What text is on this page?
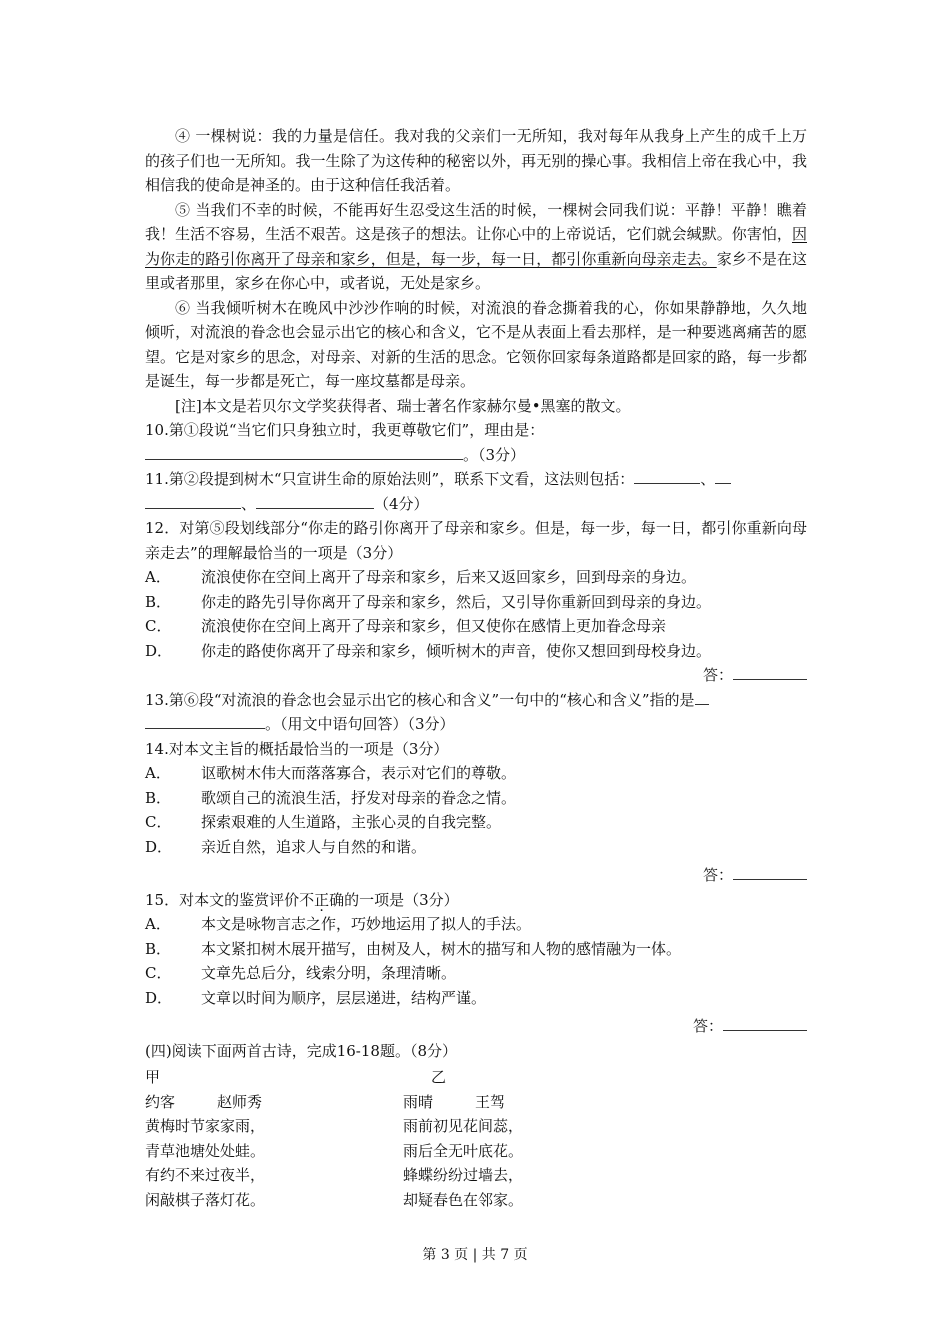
④ 一棵树说：我的力量是信任。我对我的父亲们一无所知，我对每年从我身上产生的成千上万的孩子们也一无所知。我一生除了为这传种的秘密以外，再无别的操心事。我相信上帝在我心中，我相信我的使命是神圣的。由于这种信任我活着。

⑤ 当我们不幸的时候，不能再好生忍受这生活的时候，一棵树会同我们说：平静！平静！瞧着我！生活不容易，生活不艰苦。这是孩子的想法。让你心中的上帝说话，它们就会缄默。你害怕，因为你走的路引你离开了母亲和家乡，但是，每一步，每一日，都引你重新向母亲走去。家乡不是在这里或者那里，家乡在你心中，或者说，无处是家乡。

⑥ 当我倾听树木在晚风中沙沙作响的时候，对流浪的眷念撕着我的心，你如果静静地，久久地倾听，对流浪的眷念也会显示出它的核心和含义，它不是从表面上看去那样，是一种要逃离痛苦的愿望。它是对家乡的思念，对母亲、对新的生活的思念。它领你回家每条道路都是回家的路，每一步都是诞生，每一步都是死亡，每一座坟墓都是母亲。

[注]本文是若贝尔文学奖获得者、瑞士著名作家赫尔曼•黑塞的散文。

10.第①段说“当它们只身独立时，我更尊敬它们”，理由是：

。（3分）

11.第②段提到树木“只宣讲生命的原始法则”，联系下文看，这法则包括：	、

、	（4分）

12．对第⑤段划线部分“你走的路引你离开了母亲和家乡。但是，每一步，每一日，都引你重新向母亲走去”的理解最恰当的一项是（3分）

A．	流浪使你在空间上离开了母亲和家乡，后来又返回家乡，回到母亲的身边。

B．	你走的路先引导你离开了母亲和家乡，然后，又引导你重新回到母亲的身边。

C．	流浪使你在空间上离开了母亲和家乡，但又使你在感情上更加眷念母亲

D．	你走的路使你离开了母亲和家乡，倾听树木的声音，使你又想回到母校身边。

答：

13.第⑥段“对流浪的眷念也会显示出它的核心和含义”一句中的“核心和含义”指的是

。（用文中语句回答）（3分）

14.对本文主旨的概括最恰当的一项是（3分）

A．	讴歌树木伟大而落落寡合，表示对它们的尊敬。

B．	歌颂自己的流浪生活，抒发对母亲的眷念之情。

C．	探索艰难的人生道路，主张心灵的自我完整。

D．	亲近自然，追求人与自然的和谐。

答：

15．对本文的鉴赏评价不正确的一项是（3分）

A．	本文是咏物言志之作，巧妙地运用了拟人的手法。

B．	本文紧扣树木展开描写，由树及人，树木的描写和人物的感情融为一体。

C．	文章先总后分，线索分明，条理清晰。

D．	文章以时间为顺序，层层递进，结构严谨。

答：

(四)阅读下面两首古诗，完成16-18题。（8分）

甲

约客	赵师秀

黄梅时节家家雨，

青草池塘处处蛙。

有约不来过夜半，

闲敲棋子落灯花。

乙

雨晴	王驾

雨前初见花间蕊，

雨后全无叶底花。

蜂蝶纷纷过墙去，

却疑春色在邻家。

第 3 页 | 共 7 页
